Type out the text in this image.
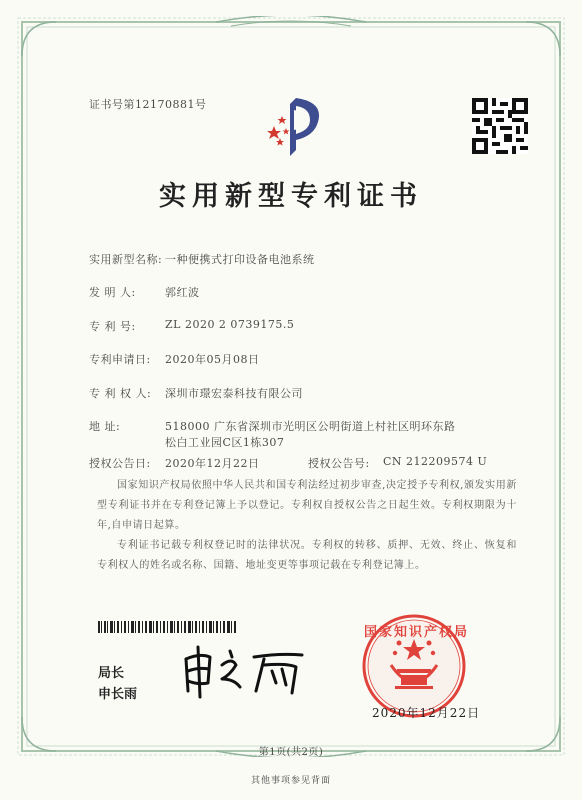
证书号第12170881号
实用新型专利证书
实用新型名称: 一种便携式打印设备电池系统
发 明 人:	郭红波
专 利 号:	ZL 2020 2 0739175.5
专利申请日: 2020年05月08日
专 利 权 人: 深圳市璟宏泰科技有限公司
地 址:	518000 广东省深圳市光明区公明街道上村社区明环东路
松白工业园C区1栋307
授权公告日: 2020年12月22日	授权公告号: CN 212209574 U
国家知识产权局依照中华人民共和国专利法经过初步审查,决定授予专利权,颁发实用新型专利证书并在专利登记簿上予以登记。专利权自授权公告之日起生效。专利权期限为十年,自申请日起算。
专利证书记载专利权登记时的法律状况。专利权的转移、质押、无效、终止、恢复和专利权人的姓名或名称、国籍、地址变更等事项记载在专利登记簿上。
局长
申长雨
国家知识产权局
2020年12月22日
第1页(共2页)
其他事项参见背面
